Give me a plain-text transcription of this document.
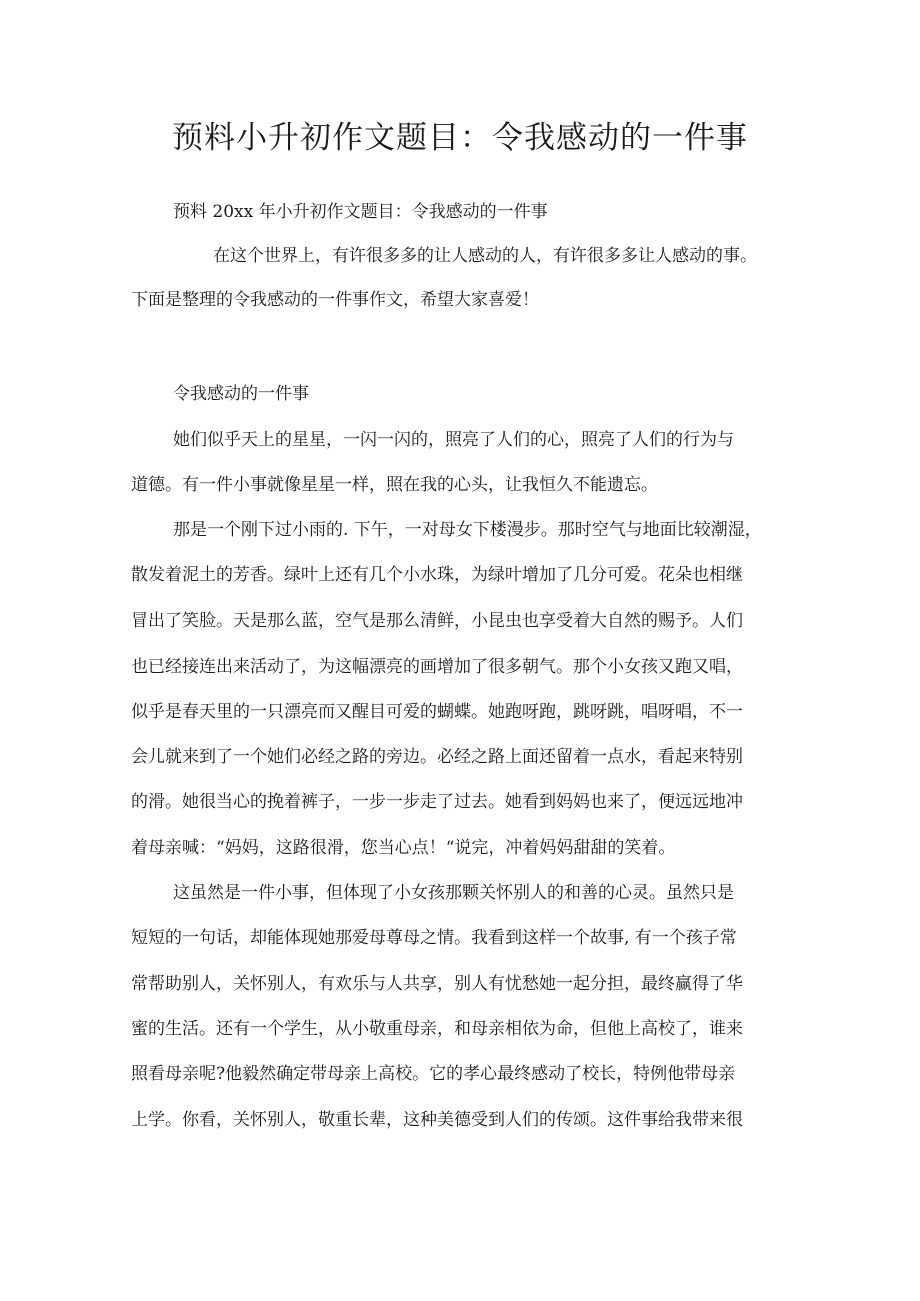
预料小升初作文题目：令我感动的一件事
预料 20xx 年小升初作文题目：令我感动的一件事
在这个世界上，有许很多多的让人感动的人，有许很多多让人感动的事。
下面是整理的令我感动的一件事作文，希望大家喜爱！
令我感动的一件事
她们似乎天上的星星，一闪一闪的，照亮了人们的心，照亮了人们的行为与
道德。有一件小事就像星星一样，照在我的心头，让我恒久不能遗忘。
那是一个刚下过小雨的. 下午，一对母女下楼漫步。那时空气与地面比较潮湿，
散发着泥土的芳香。绿叶上还有几个小水珠，为绿叶增加了几分可爱。花朵也相继
冒出了笑脸。天是那么蓝，空气是那么清鲜，小昆虫也享受着大自然的赐予。人们
也已经接连出来活动了，为这幅漂亮的画增加了很多朝气。那个小女孩又跑又唱，
似乎是春天里的一只漂亮而又醒目可爱的蝴蝶。她跑呀跑，跳呀跳，唱呀唱，不一
会儿就来到了一个她们必经之路的旁边。必经之路上面还留着一点水，看起来特别
的滑。她很当心的挽着裤子，一步一步走了过去。她看到妈妈也来了，便远远地冲
着母亲喊：“妈妈，这路很滑，您当心点！“说完，冲着妈妈甜甜的笑着。
这虽然是一件小事，但体现了小女孩那颗关怀别人的和善的心灵。虽然只是
短短的一句话，却能体现她那爱母尊母之情。我看到这样一个故事, 有一个孩子常
常帮助别人，关怀别人，有欢乐与人共享，别人有忧愁她一起分担，最终赢得了华
蜜的生活。还有一个学生，从小敬重母亲，和母亲相依为命，但他上高校了，谁来
照看母亲呢?他毅然确定带母亲上高校。它的孝心最终感动了校长，特例他带母亲
上学。你看，关怀别人，敬重长辈，这种美德受到人们的传颂。这件事给我带来很
